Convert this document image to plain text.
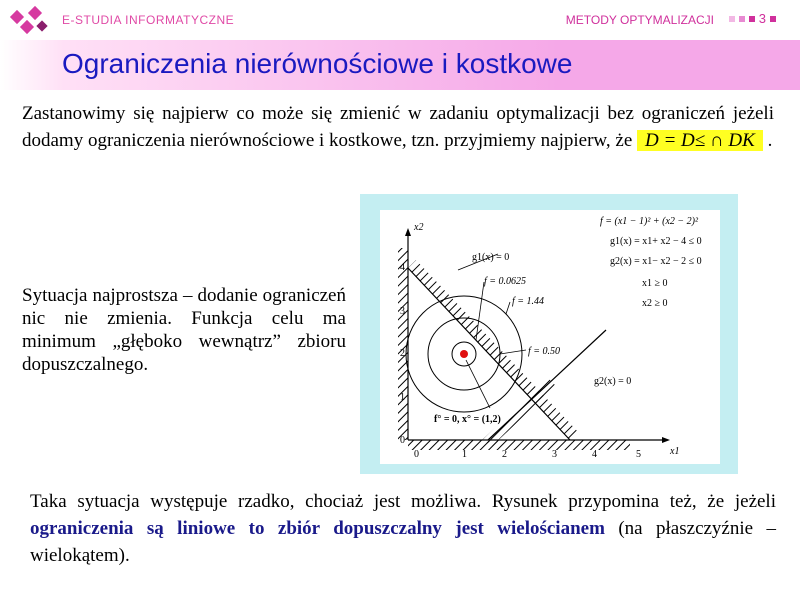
E-STUDIA INFORMATYCZNE	METODY OPTYMALIZACJI	3
Ograniczenia nierównościowe i kostkowe
Zastanowimy się najpierw co może się zmienić w zadaniu optymalizacji bez ograniczeń jeżeli dodamy ograniczenia nierównościowe i kostkowe, tzn. przyjmiemy najpierw, że D = D≤ ∩ DK .
Sytuacja najprostsza – dodanie ograniczeń nic nie zmienia. Funkcja celu ma minimum „głęboko wewnątrz” zbioru dopuszczalnego.
0	1	2	3	4	5
0
1
2
3
4
x1
x2
g1(x) = 0
f = 0.0625
f = 1.44
f = 0.50
g2(x) = 0
f° = 0, x° = (1,2)
f = (x1 − 1)² + (x2 − 2)²
g1(x) = x1+ x2 − 4 ≤ 0
g2(x) = x1− x2 − 2 ≤ 0
x1 ≥ 0
x2 ≥ 0
Taka sytuacja występuje rzadko, chociaż jest możliwa. Rysunek przypomina też, że jeżeli ograniczenia są liniowe to zbiór dopuszczalny jest wielościanem (na płaszczyźnie – wielokątem).
